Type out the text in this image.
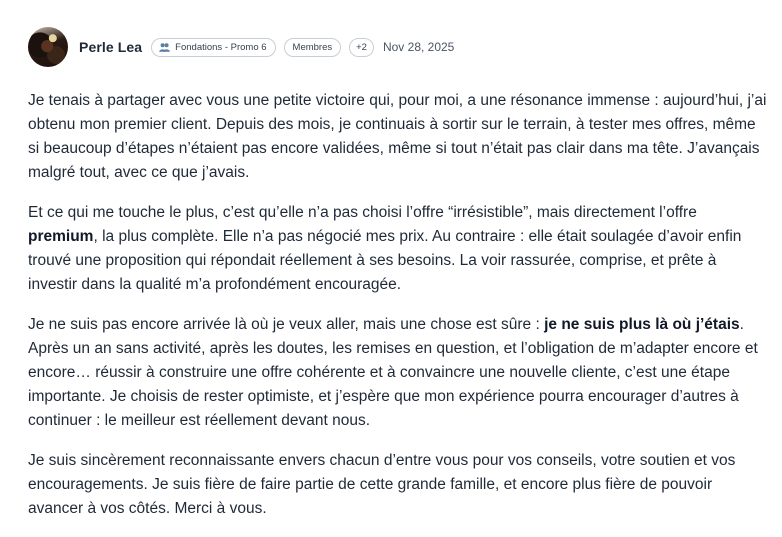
Perle Lea	Fondations - Promo 6	Membres	+2 Nov 28, 2025

Je tenais à partager avec vous une petite victoire qui, pour moi, a une résonance immense : aujourd’hui, j’ai obtenu mon premier client. Depuis des mois, je continuais à sortir sur le terrain, à tester mes offres, même si beaucoup d’étapes n’étaient pas encore validées, même si tout n’était pas clair dans ma tête. J’avançais malgré tout, avec ce que j’avais.

Et ce qui me touche le plus, c’est qu’elle n’a pas choisi l’offre “irrésistible”, mais directement l’offre premium, la plus complète. Elle n’a pas négocié mes prix. Au contraire : elle était soulagée d’avoir enfin trouvé une proposition qui répondait réellement à ses besoins. La voir rassurée, comprise, et prête à investir dans la qualité m’a profondément encouragée.

Je ne suis pas encore arrivée là où je veux aller, mais une chose est sûre : je ne suis plus là où j’étais. Après un an sans activité, après les doutes, les remises en question, et l’obligation de m’adapter encore et encore… réussir à construire une offre cohérente et à convaincre une nouvelle cliente, c’est une étape importante. Je choisis de rester optimiste, et j’espère que mon expérience pourra encourager d’autres à continuer : le meilleur est réellement devant nous.

Je suis sincèrement reconnaissante envers chacun d’entre vous pour vos conseils, votre soutien et vos encouragements. Je suis fière de faire partie de cette grande famille, et encore plus fière de pouvoir avancer à vos côtés. Merci à vous.
